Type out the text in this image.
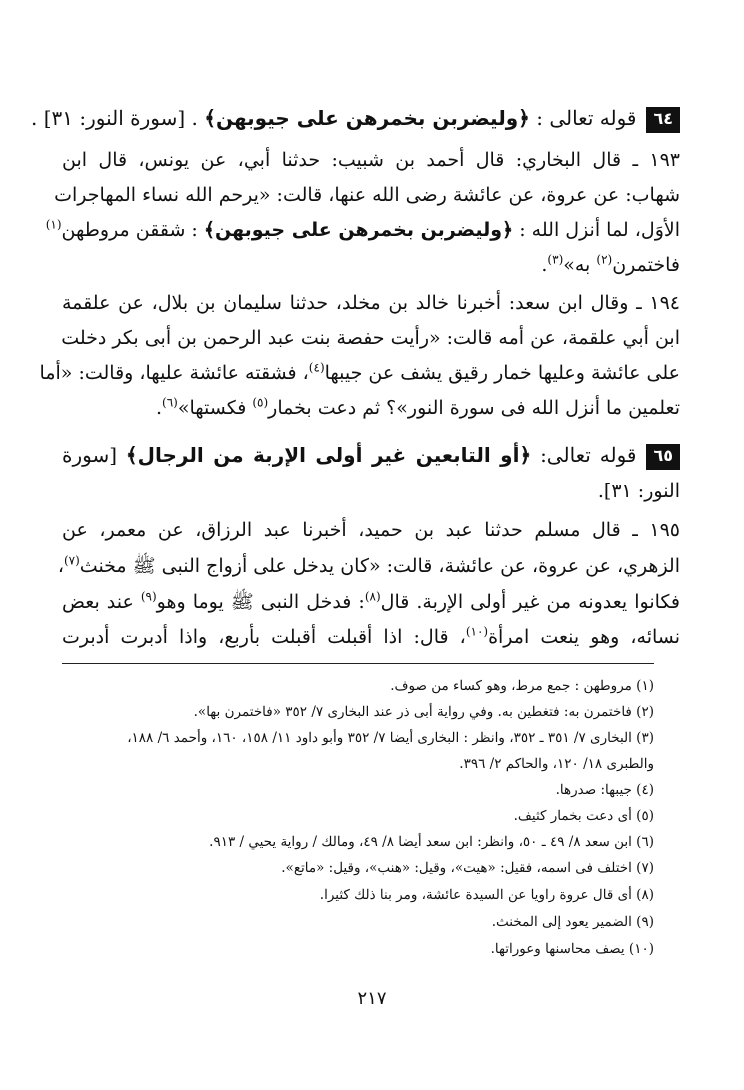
٦٤قوله تعالى : ﴿وليضربن بخمرهن على جيوبهن﴾ . [سورة النور: ٣١] .
١٩٣ ـ قال البخاري: قال أحمد بن شبيب: حدثنا أبي، عن يونس، قال ابن
شهاب: عن عروة، عن عائشة رضى الله عنها، قالت: «يرحم الله نساء المهاجرات
الأوَل، لما أنزل الله : ﴿وليضربن بخمرهن على جيوبهن﴾ : شققن مروطهن$^{(١)}$
فاختمرن$^{(٢)}$ به»$^{(٣)}$.
١٩٤ ـ وقال ابن سعد: أخبرنا خالد بن مخلد، حدثنا سليمان بن بلال، عن علقمة
ابن أبي علقمة، عن أمه قالت: «رأيت حفصة بنت عبد الرحمن بن أبى بكر دخلت
على عائشة وعليها خمار رقيق يشف عن جيبها$^{(٤)}$، فشقته عائشة عليها، وقالت: «أما
تعلمين ما أنزل الله فى سورة النور»؟ ثم دعت بخمار$^{(٥)}$ فكستها»$^{(٦)}$.
٦٥قوله تعالى: ﴿أو التابعين غير أولى الإربة من الرجال﴾ [سورة
النور: ٣١].
١٩٥ ـ قال مسلم حدثنا عبد بن حميد، أخبرنا عبد الرزاق، عن معمر، عن
الزهري، عن عروة، عن عائشة، قالت: «كان يدخل على أزواج النبى ﷺ مخنث$^{(٧)}$،
فكانوا يعدونه من غير أولى الإربة. قال$^{(٨)}$: فدخل النبى ﷺ يوما وهو$^{(٩)}$ عند بعض
نسائه، وهو ينعت امرأة$^{(١٠)}$، قال: اذا أقبلت أقبلت بأربع، واذا أدبرت أدبرت
(١) مروطهن : جمع مرط، وهو كساء من صوف.
(٢) فاختمرن به: فتغطين به. وفي رواية أبى ذر عند البخارى ٧/ ٣٥٢ «فاختمرن بها».
(٣) البخارى ٧/ ٣٥١ ـ ٣٥٢، وانظر : البخارى أيضا ٧/ ٣٥٢ وأبو داود ١١/ ١٥٨، ١٦٠، وأحمد ٦/ ١٨٨،
والطبرى ١٨/ ١٢٠، والحاكم ٢/ ٣٩٦.
(٤) جيبها: صدرها.
(٥) أى دعت بخمار كثيف.
(٦) ابن سعد ٨/ ٤٩ ـ ٥٠، وانظر: ابن سعد أيضا ٨/ ٤٩، ومالك / رواية يحيي / ٩١٣.
(٧) اختلف فى اسمه، فقيل: «هيت»، وقيل: «هنب»، وقيل: «ماتع».
(٨) أى قال عروة راويا عن السيدة عائشة، ومر بنا ذلك كثيرا.
(٩) الضمير يعود إلى المخنث.
(١٠) يصف محاسنها وعوراتها.
٢١٧
